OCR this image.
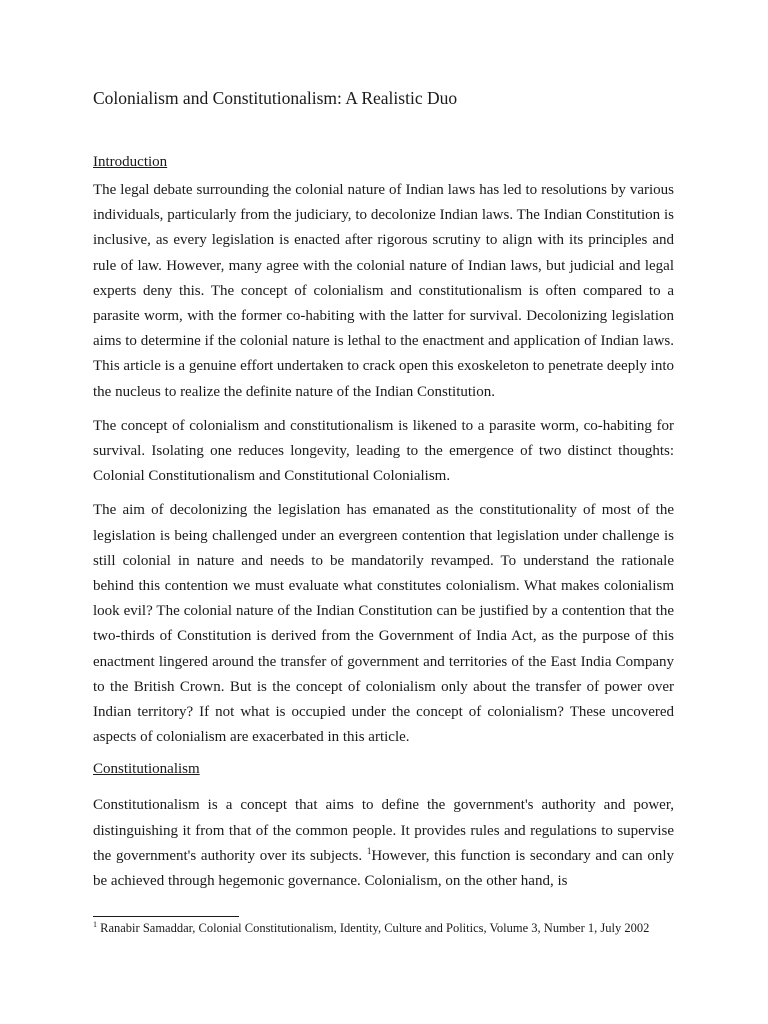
Colonialism and Constitutionalism: A Realistic Duo
Introduction

The legal debate surrounding the colonial nature of Indian laws has led to resolutions by various individuals, particularly from the judiciary, to decolonize Indian laws. The Indian Constitution is inclusive, as every legislation is enacted after rigorous scrutiny to align with its principles and rule of law. However, many agree with the colonial nature of Indian laws, but judicial and legal experts deny this. The concept of colonialism and constitutionalism is often compared to a parasite worm, with the former co-habiting with the latter for survival. Decolonizing legislation aims to determine if the colonial nature is lethal to the enactment and application of Indian laws. This article is a genuine effort undertaken to crack open this exoskeleton to penetrate deeply into the nucleus to realize the definite nature of the Indian Constitution.

The concept of colonialism and constitutionalism is likened to a parasite worm, co-habiting for survival. Isolating one reduces longevity, leading to the emergence of two distinct thoughts: Colonial Constitutionalism and Constitutional Colonialism.

The aim of decolonizing the legislation has emanated as the constitutionality of most of the legislation is being challenged under an evergreen contention that legislation under challenge is still colonial in nature and needs to be mandatorily revamped. To understand the rationale behind this contention we must evaluate what constitutes colonialism. What makes colonialism look evil? The colonial nature of the Indian Constitution can be justified by a contention that the two-thirds of Constitution is derived from the Government of India Act, as the purpose of this enactment lingered around the transfer of government and territories of the East India Company to the British Crown. But is the concept of colonialism only about the transfer of power over Indian territory? If not what is occupied under the concept of colonialism? These uncovered aspects of colonialism are exacerbated in this article.

Constitutionalism

Constitutionalism is a concept that aims to define the government's authority and power, distinguishing it from that of the common people. It provides rules and regulations to supervise the government's authority over its subjects. $^1$However, this function is secondary and can only be achieved through hegemonic governance. Colonialism, on the other hand, is

$^1$ Ranabir Samaddar, Colonial Constitutionalism, Identity, Culture and Politics, Volume 3, Number 1, July 2002
